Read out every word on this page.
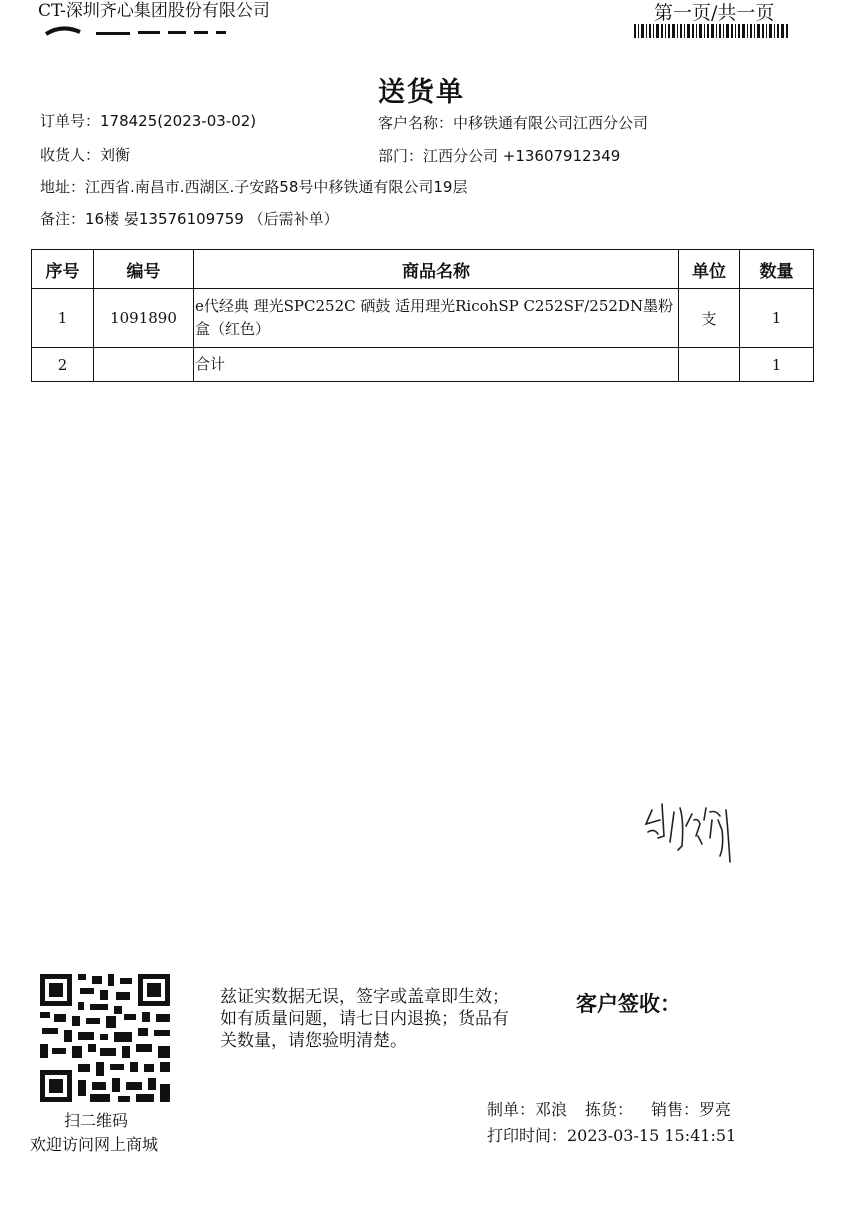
CT-深圳齐心集团股份有限公司	第一页/共一页
送货单
订单号：178425(2023-03-02)	客户名称：中移铁通有限公司江西分公司
收货人：刘衡	部门：江西分公司 +13607912349
地址：江西省.南昌市.西湖区.子安路58号中移铁通有限公司19层
备注：16楼 晏13576109759 （后需补单）
序号	编号	商品名称	单位	数量
1	1091890	e代经典 理光SPC252C 硒鼓 适用理光RicohSP C252SF/252DN墨粉盒（红色）	支	1
2		合计		1
扫二维码
欢迎访问网上商城
兹证实数据无误，签字或盖章即生效；如有质量问题，请七日内退换；货品有关数量，请您验明清楚。
客户签收：
制单：邓浪 拣货： 销售：罗亮
打印时间：2023-03-15 15:41:51
